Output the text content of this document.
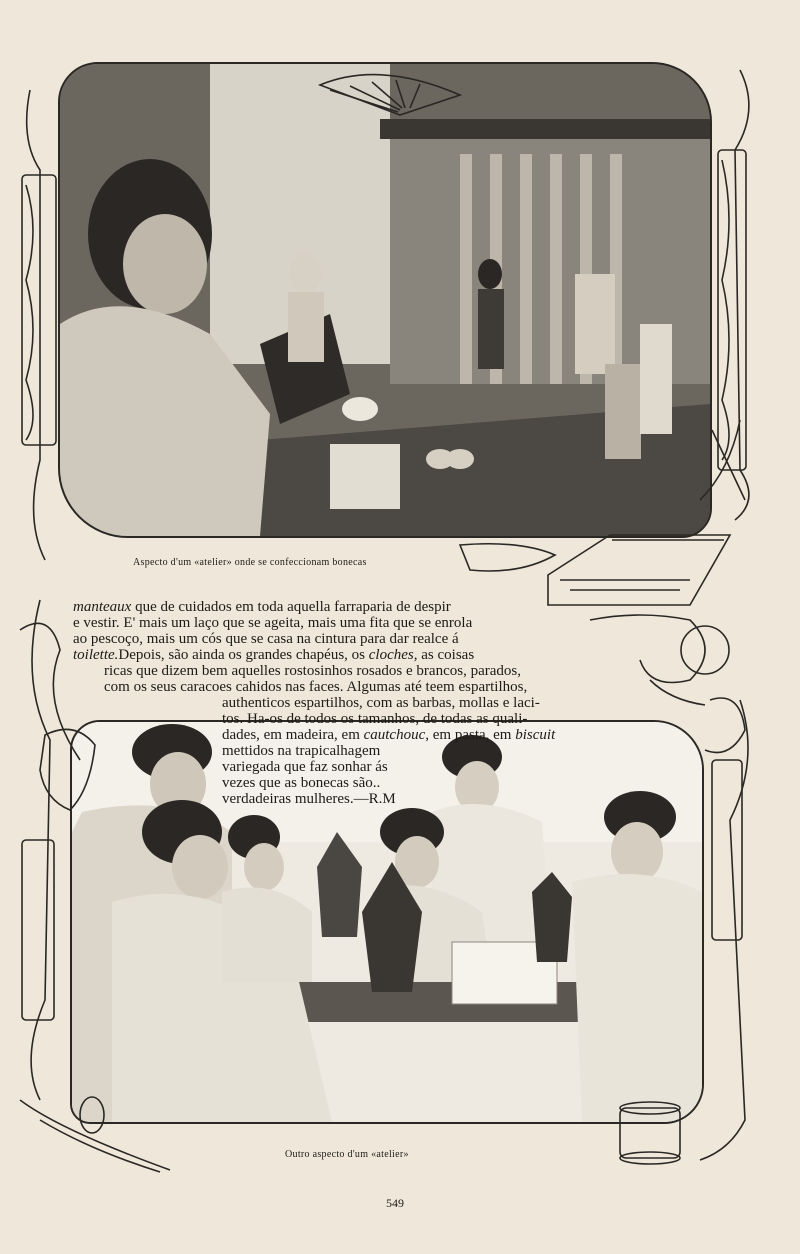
Aspecto d'um «atelier» onde se confeccionam bonecas
manteaux que de cuidados em toda aquella farraparia de despir
e vestir. E' mais um laço que se ageita, mais uma fita que se enrola
ao pescoço, mais um cós que se casa na cintura para dar realce á
toilette.Depois, são ainda os grandes chapéus, os cloches, as coisas
ricas que dizem bem aquelles rostosinhos rosados e brancos, parados,
com os seus caracoes cahidos nas faces. Algumas até teem espartilhos,
authenticos espartilhos, com as barbas, mollas e laci-
tos. Ha-os de todos os tamanhos, de todas as quali-
dades, em madeira, em cautchouc, em pasta, em biscuit
mettidos na trapicalhagem
variegada que faz sonhar ás
vezes que as bonecas são..
verdadeiras mulheres.—R.M
Outro aspecto d'um «atelier»
549
